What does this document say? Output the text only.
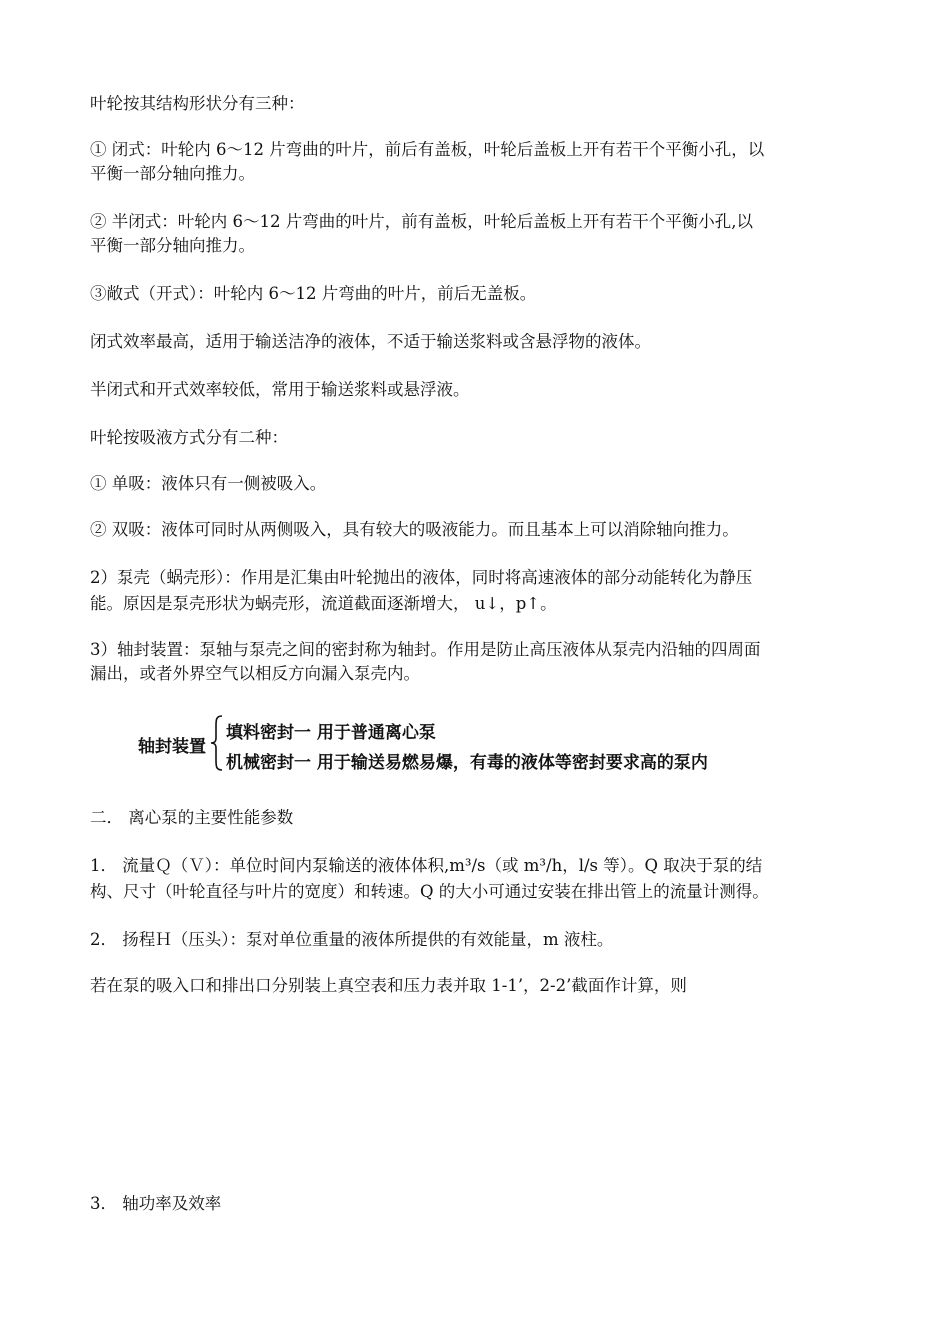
叶轮按其结构形状分有三种：

① 闭式：叶轮内 6～12 片弯曲的叶片，前后有盖板，叶轮后盖板上开有若干个平衡小孔，以

平衡一部分轴向推力。

② 半闭式：叶轮内 6～12 片弯曲的叶片，前有盖板，叶轮后盖板上开有若干个平衡小孔,以

平衡一部分轴向推力。

③敞式（开式）：叶轮内 6～12 片弯曲的叶片，前后无盖板。

闭式效率最高，适用于输送洁净的液体，不适于输送浆料或含悬浮物的液体。

半闭式和开式效率较低，常用于输送浆料或悬浮液。

叶轮按吸液方式分有二种：

① 单吸：液体只有一侧被吸入。

② 双吸：液体可同时从两侧吸入，具有较大的吸液能力。而且基本上可以消除轴向推力。

2）泵壳（蜗壳形）：作用是汇集由叶轮抛出的液体，同时将高速液体的部分动能转化为静压

能。原因是泵壳形状为蜗壳形，流道截面逐渐增大， u↓，p↑。

3）轴封装置：泵轴与泵壳之间的密封称为轴封。作用是防止高压液体从泵壳内沿轴的四周面

漏出，或者外界空气以相反方向漏入泵壳内。

轴封装置
填料密封一 用于普通离心泵
机械密封一 用于输送易燃易爆，有毒的液体等密封要求高的泵内

二． 离心泵的主要性能参数

1． 流量Ｑ（Ｖ）：单位时间内泵输送的液体体积,m³/s（或 m³/h，l/s 等）。Q 取决于泵的结

构、尺寸（叶轮直径与叶片的宽度）和转速。Q 的大小可通过安装在排出管上的流量计测得。

2． 扬程Ｈ（压头）：泵对单位重量的液体所提供的有效能量，m 液柱。

若在泵的吸入口和排出口分别装上真空表和压力表并取 1-1’，2-2’截面作计算，则

3． 轴功率及效率
